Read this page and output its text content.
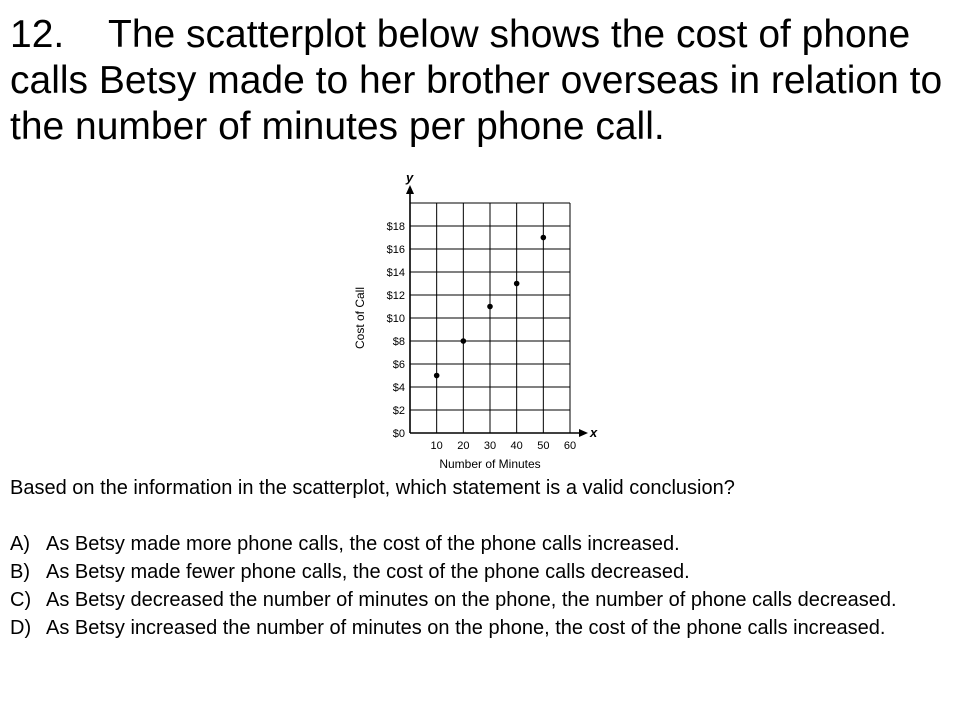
12. The scatterplot below shows the cost of phone calls Betsy made to her brother overseas in relation to the number of minutes per phone call.
x
y
$0
$2
$4
$6
$8
$10
$12
$14
$16
$18
10 20 30 40 50 60
Number of Minutes
Cost of Call
Based on the information in the scatterplot, which statement is a valid conclusion?
A) As Betsy made more phone calls, the cost of the phone calls increased.
B) As Betsy made fewer phone calls, the cost of the phone calls decreased.
C) As Betsy decreased the number of minutes on the phone, the number of phone calls decreased.
D) As Betsy increased the number of minutes on the phone, the cost of the phone calls increased.
